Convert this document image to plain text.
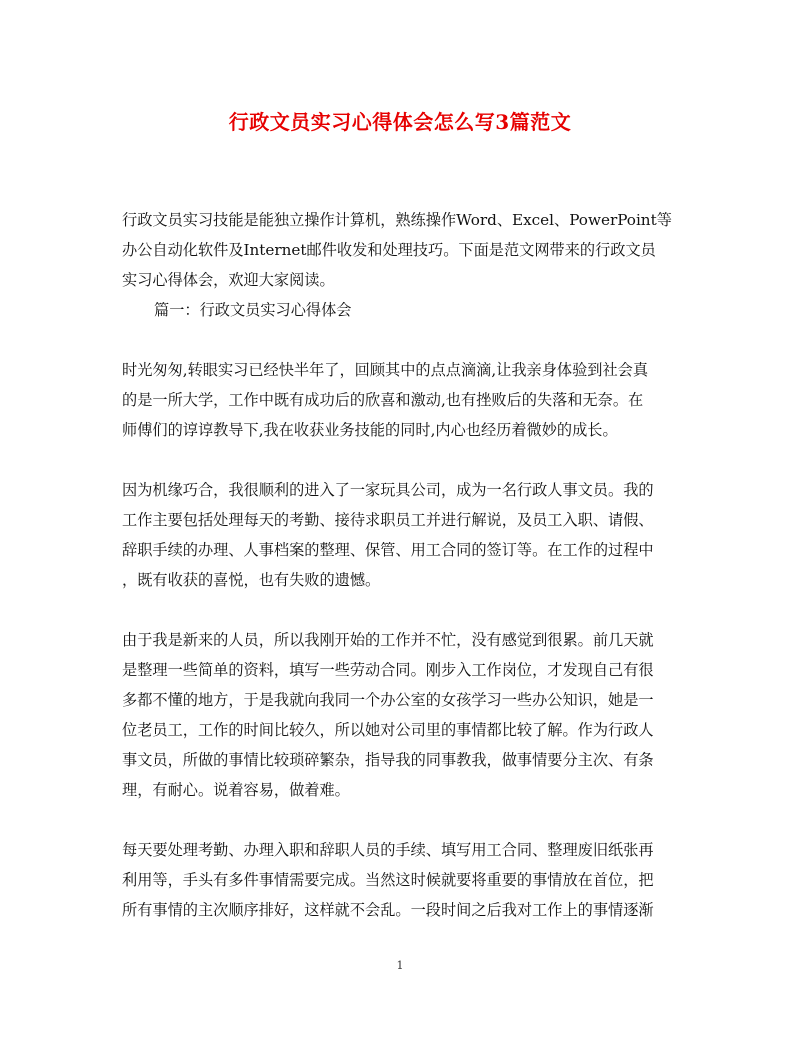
行政文员实习心得体会怎么写3篇范文

行政文员实习技能是能独立操作计算机，熟练操作Word、Excel、PowerPoint等

办公自动化软件及Internet邮件收发和处理技巧。下面是范文网带来的行政文员

实习心得体会，欢迎大家阅读。

篇一：行政文员实习心得体会

时光匆匆,转眼实习已经快半年了，回顾其中的点点滴滴,让我亲身体验到社会真

的是一所大学，工作中既有成功后的欣喜和激动,也有挫败后的失落和无奈。在

师傅们的谆谆教导下,我在收获业务技能的同时,内心也经历着微妙的成长。

因为机缘巧合，我很顺利的进入了一家玩具公司，成为一名行政人事文员。我的

工作主要包括处理每天的考勤、接待求职员工并进行解说，及员工入职、请假、

辞职手续的办理、人事档案的整理、保管、用工合同的签订等。在工作的过程中

，既有收获的喜悦，也有失败的遗憾。

由于我是新来的人员，所以我刚开始的工作并不忙，没有感觉到很累。前几天就

是整理一些简单的资料，填写一些劳动合同。刚步入工作岗位，才发现自己有很

多都不懂的地方，于是我就向我同一个办公室的女孩学习一些办公知识，她是一

位老员工，工作的时间比较久，所以她对公司里的事情都比较了解。作为行政人

事文员，所做的事情比较琐碎繁杂，指导我的同事教我，做事情要分主次、有条

理，有耐心。说着容易，做着难。

每天要处理考勤、办理入职和辞职人员的手续、填写用工合同、整理废旧纸张再

利用等，手头有多件事情需要完成。当然这时候就要将重要的事情放在首位，把

所有事情的主次顺序排好，这样就不会乱。一段时间之后我对工作上的事情逐渐

1
